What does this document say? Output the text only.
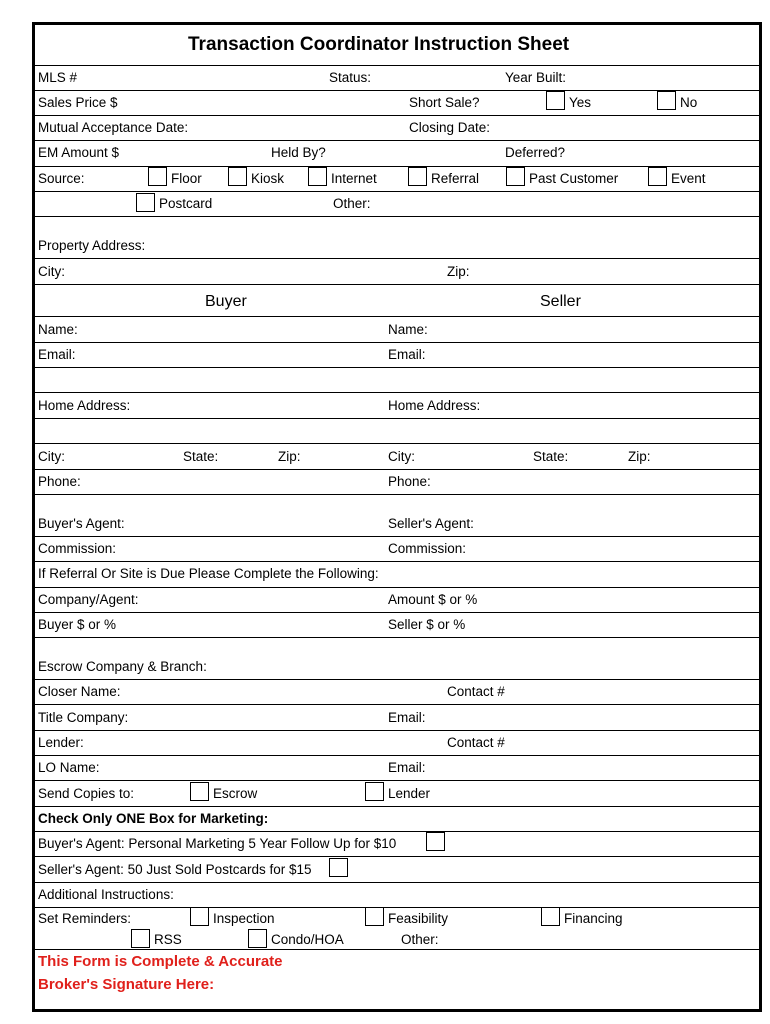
Transaction Coordinator Instruction Sheet
MLS #	Status:	Year Built:
Sales Price $	Short Sale?	Yes	No
Mutual Acceptance Date:	Closing Date:
EM Amount $	Held By?	Deferred?
Source:	Floor	Kiosk	Internet	Referral	Past Customer	Event
Postcard	Other:
Property Address:
City:	Zip:
Buyer	Seller
Name:	Name:
Email:	Email:
Home Address:	Home Address:
City:	State:	Zip:	City:	State:	Zip:
Phone:	Phone:
Buyer's Agent:	Seller's Agent:
Commission:	Commission:
If Referral Or Site is Due Please Complete the Following:
Company/Agent:	Amount $ or %
Buyer $ or %	Seller $ or %
Escrow Company & Branch:
Closer Name:	Contact #
Title Company:	Email:
Lender:	Contact #
LO Name:	Email:
Send Copies to:	Escrow	Lender
Check Only ONE Box for Marketing:
Buyer's Agent: Personal Marketing 5 Year Follow Up for $10
Seller's Agent: 50 Just Sold Postcards for $15
Additional Instructions:
Set Reminders:	Inspection	Feasibility	Financing
RSS	Condo/HOA	Other:
This Form is Complete & Accurate
Broker's Signature Here:
